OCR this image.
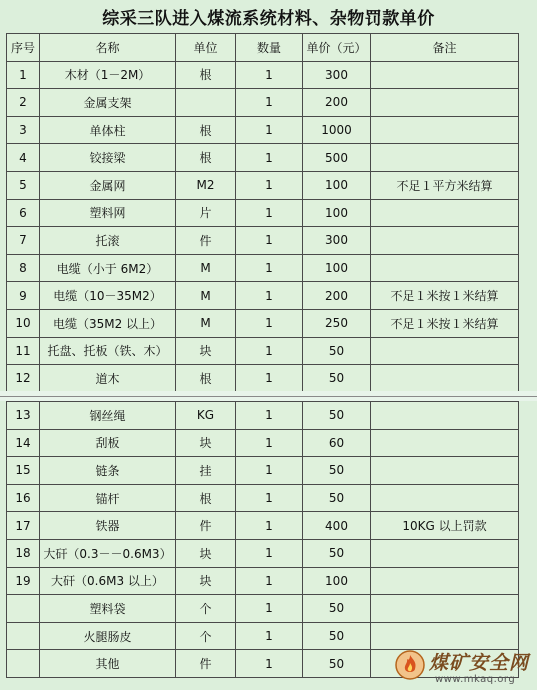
综采三队进入煤流系统材料、杂物罚款单价
序号	名称	单位	数量	单价（元）	备注
1	木材（1－2M）	根	1	300	
2	金属支架		1	200	
3	单体柱	根	1	1000	
4	铰接梁	根	1	500	
5	金属网	M2	1	100	不足１平方米结算
6	塑料网	片	1	100	
7	托滚	件	1	300	
8	电缆（小于 6M2）	M	1	100	
9	电缆（10－35M2）	M	1	200	不足１米按１米结算
10	电缆（35M2 以上）	M	1	250	不足１米按１米结算
11	托盘、托板（铁、木）	块	1	50	
12	道木	根	1	50	
13	钢丝绳	KG	1	50	
14	刮板	块	1	60	
15	链条	挂	1	50	
16	锚杆	根	1	50	
17	铁器	件	1	400	10KG 以上罚款
18	大矸（0.3－－0.6M3）	块	1	50	
19	大矸（0.6M3 以上）	块	1	100	
	塑料袋	个	1	50	
	火腿肠皮	个	1	50	
	其他	件	1	50		煤矿安全网
www.mkaq.org
